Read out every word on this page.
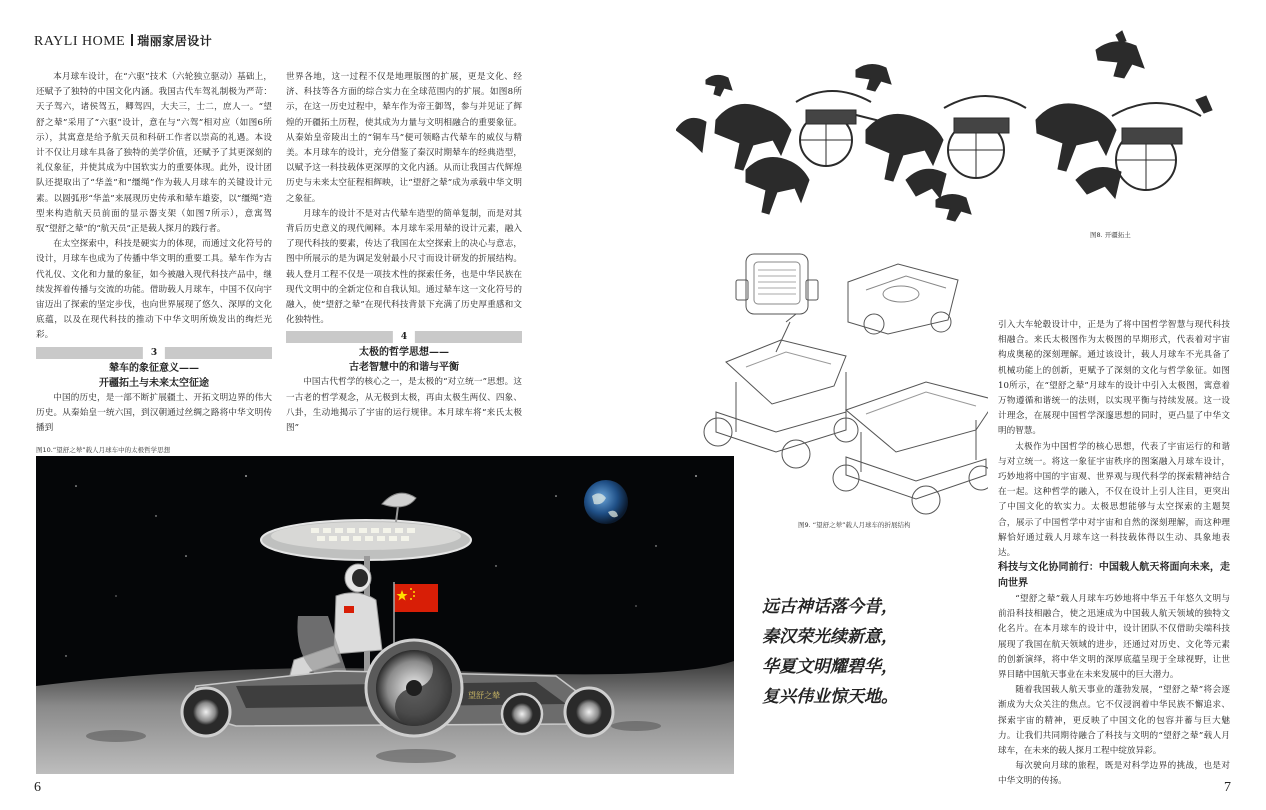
RAYLI HOME 瑞丽家居设计

本月球车设计，在“六驱”技术（六轮独立驱动）基础上，还赋予了独特的中国文化内涵。我国古代车驾礼制极为严苛：天子驾六，诸侯驾五，卿驾四，大夫三，士二，庶人一。“望舒之辇”采用了“六驱”设计，意在与“六驾”相对应（如图6所示），其寓意是给予航天员和科研工作者以崇高的礼遇。本设计不仅让月球车具备了独特的美学价值，还赋予了其更深刻的礼仪象征，并使其成为中国软实力的重要体现。此外，设计团队还提取出了“华盖”和“缰绳”作为载人月球车的关键设计元素。以圆弧形“华盖”来展现历史传承和辇车雄姿，以“缰绳”造型来构造航天员前面的显示器支架（如图7所示），意寓驾驭“望舒之辇”的“航天员”正是载人探月的践行者。

在太空探索中，科技是硬实力的体现，而通过文化符号的设计，月球车也成为了传播中华文明的重要工具。辇车作为古代礼仪、文化和力量的象征，如今被融入现代科技产品中，继续发挥着传播与交流的功能。借助载人月球车，中国不仅向宇宙迈出了探索的坚定步伐，也向世界展现了悠久、深厚的文化底蕴，以及在现代科技的推动下中华文明所焕发出的绚烂光彩。

3
辇车的象征意义——
开疆拓土与未来太空征途

中国的历史，是一部不断扩展疆土、开拓文明边界的伟大历史。从秦始皇一统六国，到汉朝通过丝绸之路将中华文明传播到

世界各地，这一过程不仅是地理版图的扩展，更是文化、经济、科技等各方面的综合实力在全球范围内的扩展。如图8所示，在这一历史过程中，辇车作为帝王御驾，参与并见证了辉煌的开疆拓土历程，使其成为力量与文明相融合的重要象征。从秦始皇帝陵出土的“铜车马”便可领略古代辇车的威仪与精美。本月球车的设计，充分借鉴了秦汉时期辇车的经典造型，以赋予这一科技载体更深厚的文化内涵。从而让我国古代辉煌历史与未来太空征程相辉映，让“望舒之辇”成为承载中华文明之象征。

月球车的设计不是对古代辇车造型的简单复制，而是对其背后历史意义的现代阐释。本月球车采用辇的设计元素，融入了现代科技的要素，传达了我国在太空探索上的决心与意志，图中所展示的是为调足发射最小尺寸而设计研发的折展结构。载人登月工程不仅是一项技术性的探索任务，也是中华民族在现代文明中的全新定位和自我认知。通过辇车这一文化符号的融入，使“望舒之辇”在现代科技背景下充满了历史厚重感和文化独特性。

4
太极的哲学思想——
古老智慧中的和谐与平衡

中国古代哲学的核心之一，是太极的“对立统一”思想。这一古老的哲学观念，从无极到太极，再由太极生两仪、四象、八卦，生动地揭示了宇宙的运行规律。本月球车将“来氏太极图”

图8. 开疆拓土
图9. “望舒之辇”载人月球车的折展结构

引入大车轮毂设计中，正是为了将中国哲学智慧与现代科技相融合。来氏太极图作为太极图的早期形式，代表着对宇宙构成奥秘的深刻理解。通过该设计，载人月球车不光具备了机械功能上的创新，更赋予了深刻的文化与哲学象征。如图10所示，在“望舒之辇”月球车的设计中引入太极图，寓意着万物遵循和谐统一的法则，以实现平衡与持续发展。这一设计理念，在展现中国哲学深邃思想的同时，更凸显了中华文明的智慧。

太极作为中国哲学的核心思想，代表了宇宙运行的和谐与对立统一。将这一象征宇宙秩序的图案融入月球车设计，巧妙地将中国的宇宙观、世界观与现代科学的探索精神结合在一起。这种哲学的融入，不仅在设计上引人注目，更突出了中国文化的软实力。太极思想能够与太空探索的主题契合，展示了中国哲学中对宇宙和自然的深刻理解，而这种理解恰好通过载人月球车这一科技载体得以生动、具象地表达。

科技与文化协同前行：中国载人航天将面向未来，走向世界

“望舒之辇”载人月球车巧妙地将中华五千年悠久文明与前沿科技相融合，使之迅速成为中国载人航天领域的独特文化名片。在本月球车的设计中，设计团队不仅借助尖端科技展现了我国在航天领域的进步，还通过对历史、文化等元素的创新演绎，将中华文明的深厚底蕴呈现于全球视野，让世界目睹中国航天事业在未来发展中的巨大潜力。

随着我国载人航天事业的蓬勃发展，“望舒之辇”将会逐渐成为大众关注的焦点。它不仅浸润着中华民族不懈追求、探索宇宙的精神，更反映了中国文化的包容并蓄与巨大魅力。让我们共同期待融合了科技与文明的“望舒之辇”载人月球车，在未来的载人探月工程中绽放异彩。

每次驶向月球的旅程，既是对科学边界的挑战，也是对中华文明的传扬。

远古神话落今昔，
秦汉荣光续新意，
华夏文明耀碧华，
复兴伟业惊天地。
图10.“望舒之辇”载人月球车中的太极哲学思想
望舒之辇
6	7
